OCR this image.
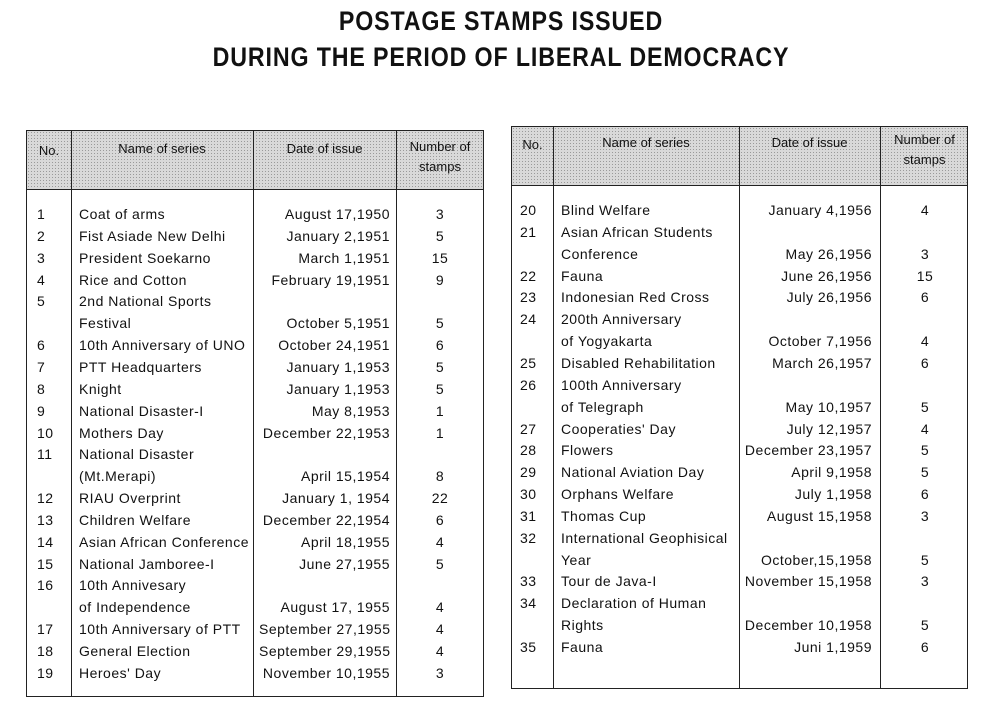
POSTAGE STAMPS ISSUED
DURING THE PERIOD OF LIBERAL DEMOCRACY
No.	Name of series	Date of issue	Number of
stamps
1	Coat of arms	August 17,1950	3
2	Fist Asiade New Delhi	January 2,1951	5
3	President Soekarno	March 1,1951	15
4	Rice and Cotton	February 19,1951	9
5	2nd National Sports
Festival	October 5,1951	5
6	10th Anniversary of UNO	October 24,1951	6
7	PTT Headquarters	January 1,1953	5
8	Knight	January 1,1953	5
9	National Disaster-I	May 8,1953	1
10	Mothers Day	December 22,1953	1
11	National Disaster
(Mt.Merapi)	April 15,1954	8
12	RIAU Overprint	January 1, 1954	22
13	Children Welfare	December 22,1954	6
14	Asian African Conference	April 18,1955	4
15	National Jamboree-I	June 27,1955	5
16	10th Annivesary
of Independence	August 17, 1955	4
17	10th Anniversary of PTT	September 27,1955	4
18	General Election	September 29,1955	4
19	Heroes' Day	November 10,1955	3
No.	Name of series	Date of issue	Number of
stamps
20	Blind Welfare	January 4,1956	4
21	Asian African Students
Conference	May 26,1956	3
22	Fauna	June 26,1956	15
23	Indonesian Red Cross	July 26,1956	6
24	200th Anniversary
of Yogyakarta	October 7,1956	4
25	Disabled Rehabilitation	March 26,1957	6
26	100th Anniversary
of Telegraph	May 10,1957	5
27	Cooperaties' Day	July 12,1957	4
28	Flowers	December 23,1957	5
29	National Aviation Day	April 9,1958	5
30	Orphans Welfare	July 1,1958	6
31	Thomas Cup	August 15,1958	3
32	International Geophisical
Year	October,15,1958	5
33	Tour de Java-I	November 15,1958	3
34	Declaration of Human
Rights	December 10,1958	5
35	Fauna	Juni 1,1959	6
